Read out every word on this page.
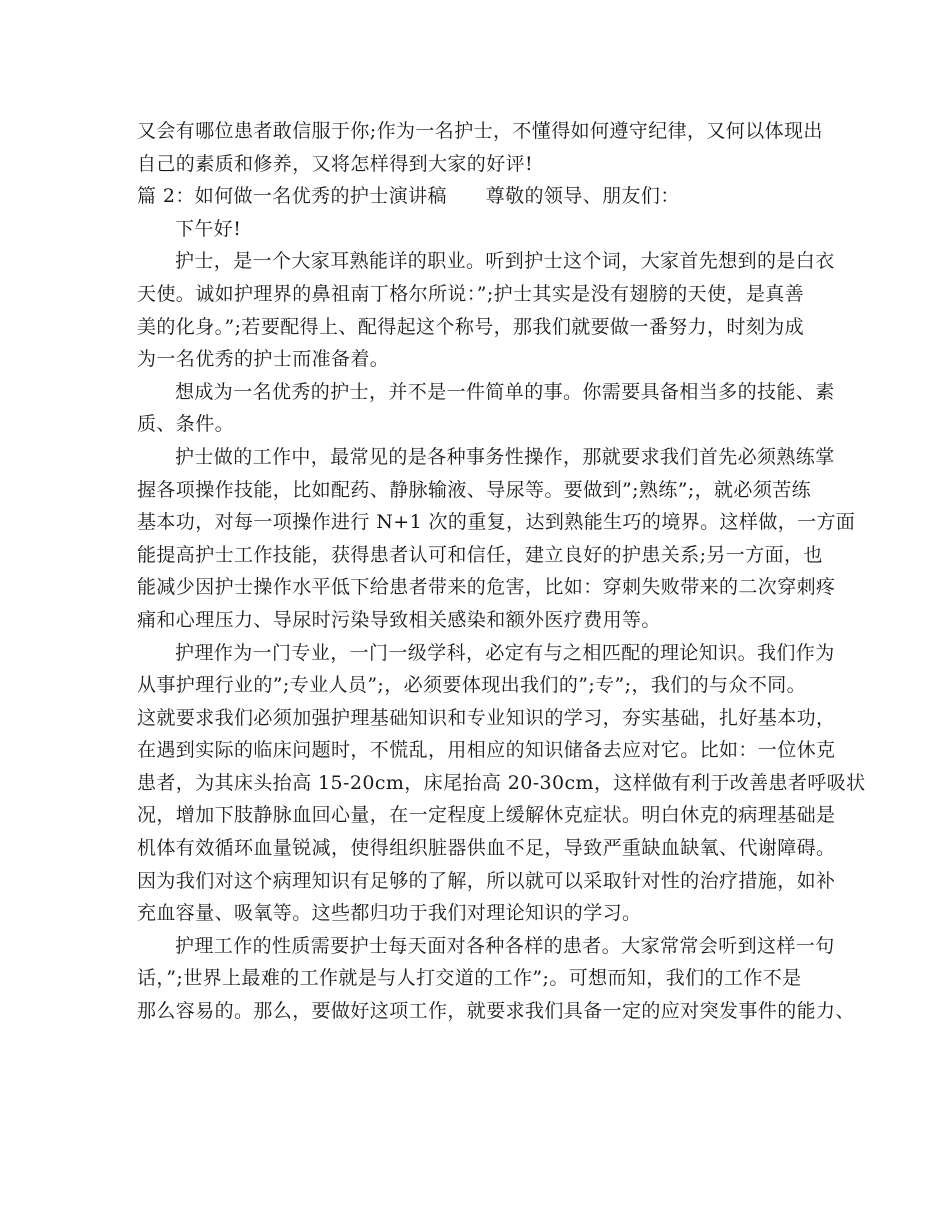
又会有哪位患者敢信服于你;作为一名护士，不懂得如何遵守纪律，又何以体现出
自己的素质和修养，又将怎样得到大家的好评!
篇 2：如何做一名优秀的护士演讲稿　　尊敬的领导、朋友们：
下午好!
护士，是一个大家耳熟能详的职业。听到护士这个词，大家首先想到的是白衣
天使。诚如护理界的鼻祖南丁格尔所说：”;护士其实是没有翅膀的天使，是真善
美的化身。”;若要配得上、配得起这个称号，那我们就要做一番努力，时刻为成
为一名优秀的护士而准备着。
想成为一名优秀的护士，并不是一件简单的事。你需要具备相当多的技能、素
质、条件。
护士做的工作中，最常见的是各种事务性操作，那就要求我们首先必须熟练掌
握各项操作技能，比如配药、静脉输液、导尿等。要做到”;熟练”;，就必须苦练
基本功，对每一项操作进行 N+1 次的重复，达到熟能生巧的境界。这样做，一方面
能提高护士工作技能，获得患者认可和信任，建立良好的护患关系;另一方面，也
能减少因护士操作水平低下给患者带来的危害，比如：穿刺失败带来的二次穿刺疼
痛和心理压力、导尿时污染导致相关感染和额外医疗费用等。
护理作为一门专业，一门一级学科，必定有与之相匹配的理论知识。我们作为
从事护理行业的”;专业人员”;，必须要体现出我们的”;专”;，我们的与众不同。
这就要求我们必须加强护理基础知识和专业知识的学习，夯实基础，扎好基本功，
在遇到实际的临床问题时，不慌乱，用相应的知识储备去应对它。比如：一位休克
患者，为其床头抬高 15-20cm，床尾抬高 20-30cm，这样做有利于改善患者呼吸状
况，增加下肢静脉血回心量，在一定程度上缓解休克症状。明白休克的病理基础是
机体有效循环血量锐减，使得组织脏器供血不足，导致严重缺血缺氧、代谢障碍。
因为我们对这个病理知识有足够的了解，所以就可以采取针对性的治疗措施，如补
充血容量、吸氧等。这些都归功于我们对理论知识的学习。
护理工作的性质需要护士每天面对各种各样的患者。大家常常会听到这样一句
话，”;世界上最难的工作就是与人打交道的工作”;。可想而知，我们的工作不是
那么容易的。那么，要做好这项工作，就要求我们具备一定的应对突发事件的能力、
